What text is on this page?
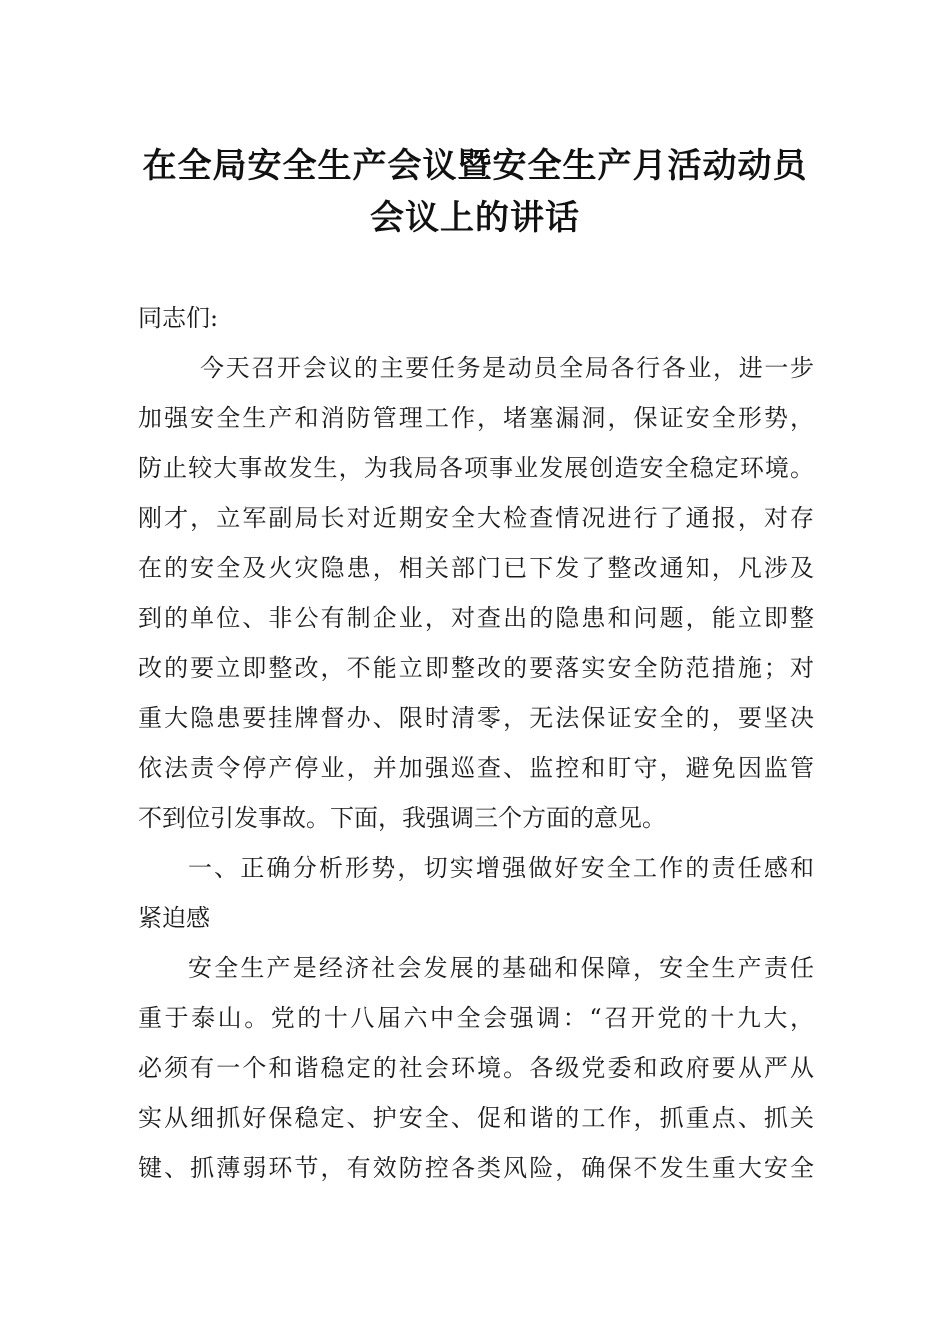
在全局安全生产会议暨安全生产月活动动员
会议上的讲话
同志们:
今天召开会议的主要任务是动员全局各行各业，进一步
加强安全生产和消防管理工作，堵塞漏洞，保证安全形势，
防止较大事故发生，为我局各项事业发展创造安全稳定环境。
刚才，立军副局长对近期安全大检查情况进行了通报，对存
在的安全及火灾隐患，相关部门已下发了整改通知，凡涉及
到的单位、非公有制企业，对查出的隐患和问题，能立即整
改的要立即整改，不能立即整改的要落实安全防范措施；对
重大隐患要挂牌督办、限时清零，无法保证安全的，要坚决
依法责令停产停业，并加强巡查、监控和盯守，避免因监管
不到位引发事故。下面，我强调三个方面的意见。
一、正确分析形势，切实增强做好安全工作的责任感和
紧迫感
安全生产是经济社会发展的基础和保障，安全生产责任
重于泰山。党的十八届六中全会强调：“召开党的十九大，
必须有一个和谐稳定的社会环境。各级党委和政府要从严从
实从细抓好保稳定、护安全、促和谐的工作，抓重点、抓关
键、抓薄弱环节，有效防控各类风险，确保不发生重大安全
